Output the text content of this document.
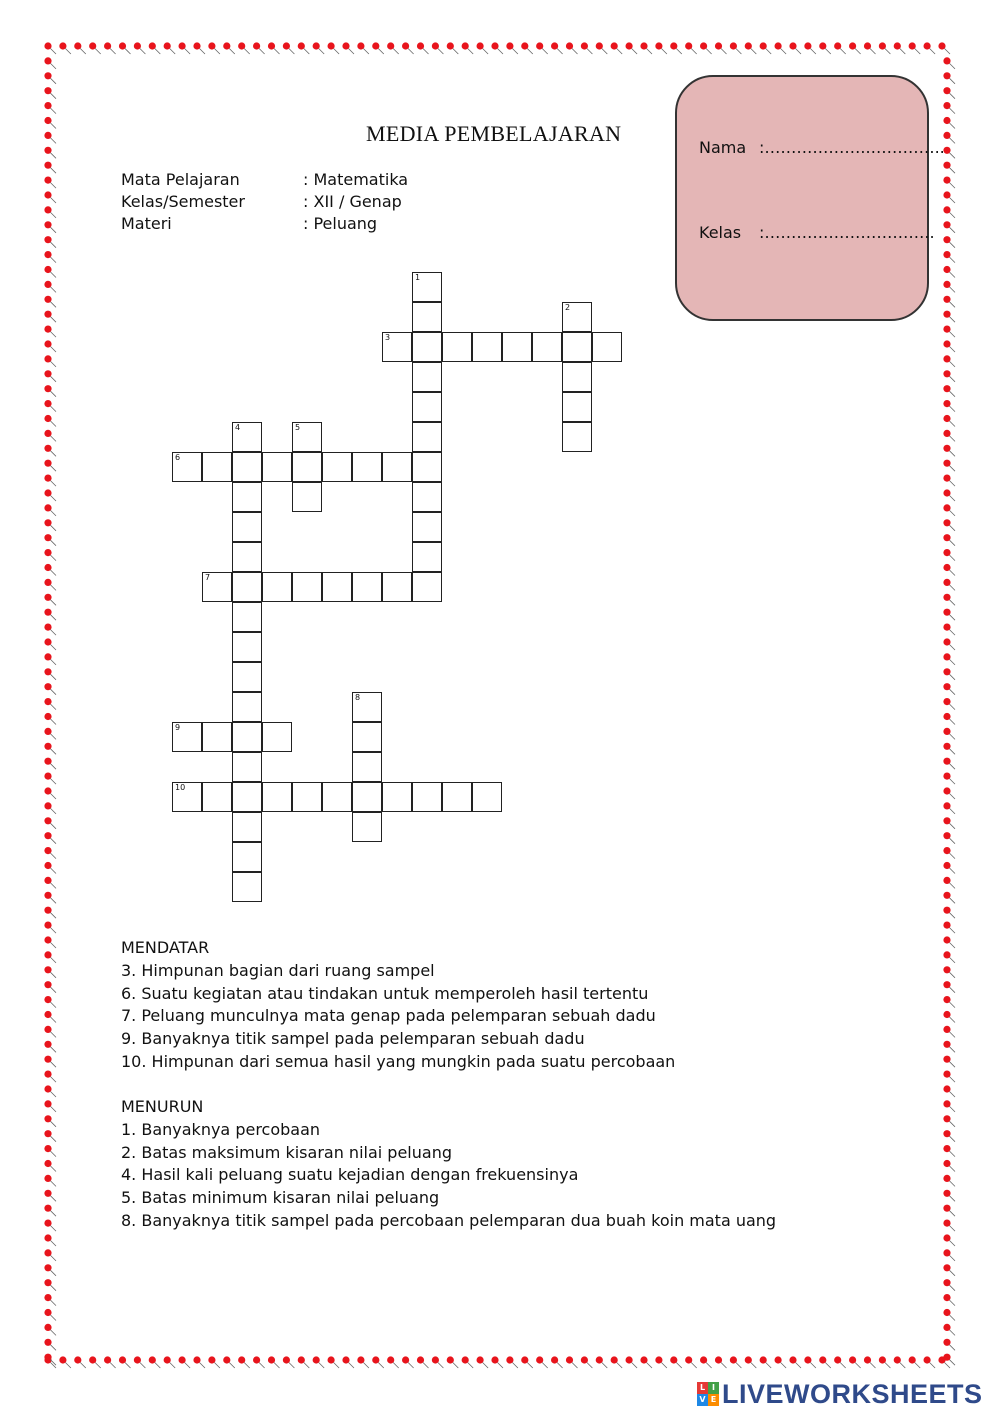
MEDIA PEMBELAJARAN
Mata Pelajaran	: Matematika
Kelas/Semester	: XII / Genap
Materi	: Peluang
Nama :………………..…………..
Kelas :…………………………..
1
2
3
4	5
6
7
8
9
10
MENDATAR
3. Himpunan bagian dari ruang sampel
6. Suatu kegiatan atau tindakan untuk memperoleh hasil tertentu
7. Peluang munculnya mata genap pada pelemparan sebuah dadu
9. Banyaknya titik sampel pada pelemparan sebuah dadu
10. Himpunan dari semua hasil yang mungkin pada suatu percobaan
MENURUN
1. Banyaknya percobaan
2. Batas maksimum kisaran nilai peluang
4. Hasil kali peluang suatu kejadian dengan frekuensinya
5. Batas minimum kisaran nilai peluang
8. Banyaknya titik sampel pada percobaan pelemparan dua buah koin mata uang
L I
V E LIVEWORKSHEETS
